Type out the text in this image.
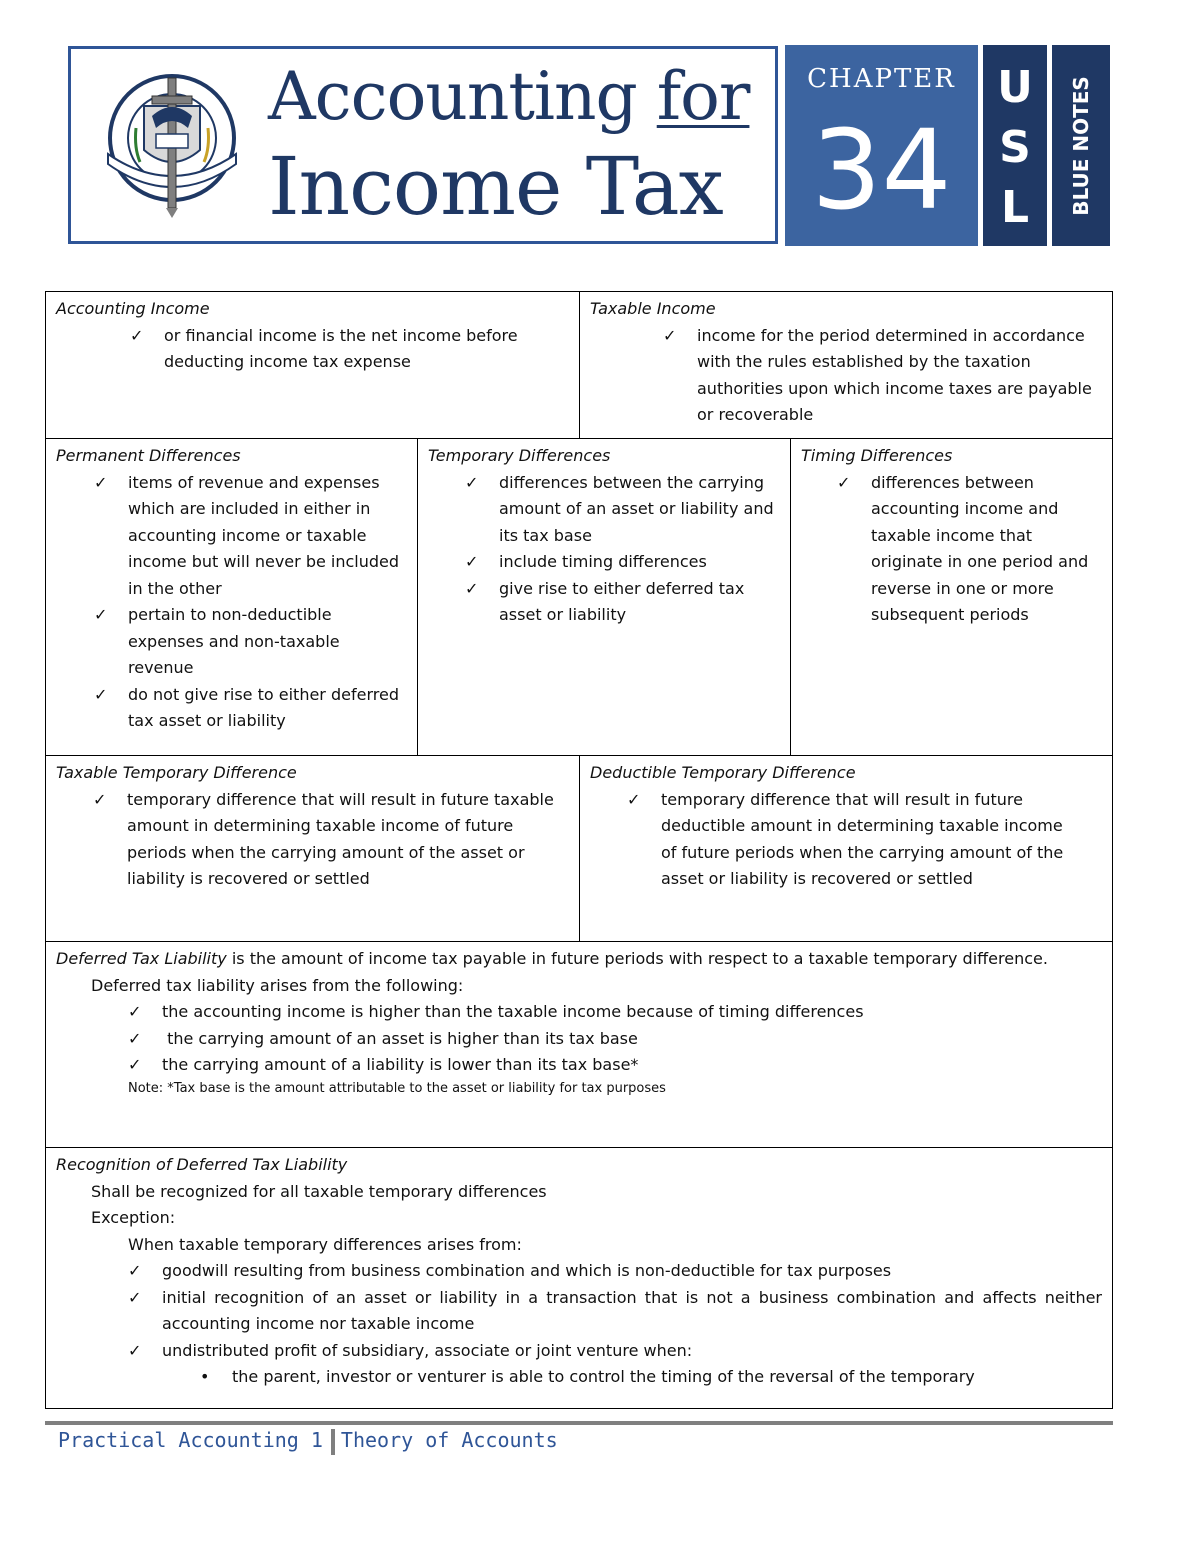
Accounting for
Income Tax
CHAPTER
34
U
S
L	BLUE NOTES
Accounting Income
✓ or financial income is the net income before deducting income tax expense
Taxable Income
✓ income for the period determined in accordance with the rules established by the taxation authorities upon which income taxes are payable or recoverable
Permanent Differences
✓ items of revenue and expenses which are included in either in accounting income or taxable income but will never be included in the other
✓ pertain to non-deductible expenses and non-taxable revenue
✓ do not give rise to either deferred tax asset or liability
Temporary Differences
✓ differences between the carrying amount of an asset or liability and its tax base
✓ include timing differences
✓ give rise to either deferred tax asset or liability
Timing Differences
✓ differences between accounting income and taxable income that originate in one period and reverse in one or more subsequent periods
Taxable Temporary Difference
✓ temporary difference that will result in future taxable amount in determining taxable income of future periods when the carrying amount of the asset or liability is recovered or settled
Deductible Temporary Difference
✓ temporary difference that will result in future deductible amount in determining taxable income of future periods when the carrying amount of the asset or liability is recovered or settled
Deferred Tax Liability is the amount of income tax payable in future periods with respect to a taxable temporary difference.
Deferred tax liability arises from the following:
✓ the accounting income is higher than the taxable income because of timing differences
✓ the carrying amount of an asset is higher than its tax base
✓ the carrying amount of a liability is lower than its tax base*
Note: *Tax base is the amount attributable to the asset or liability for tax purposes
Recognition of Deferred Tax Liability
Shall be recognized for all taxable temporary differences
Exception:
When taxable temporary differences arises from:
✓ goodwill resulting from business combination and which is non-deductible for tax purposes
✓ initial recognition of an asset or liability in a transaction that is not a business combination and affects neither accounting income nor taxable income
✓ undistributed profit of subsidiary, associate or joint venture when:
• the parent, investor or venturer is able to control the timing of the reversal of the temporary
Practical Accounting 1 Theory of Accounts
